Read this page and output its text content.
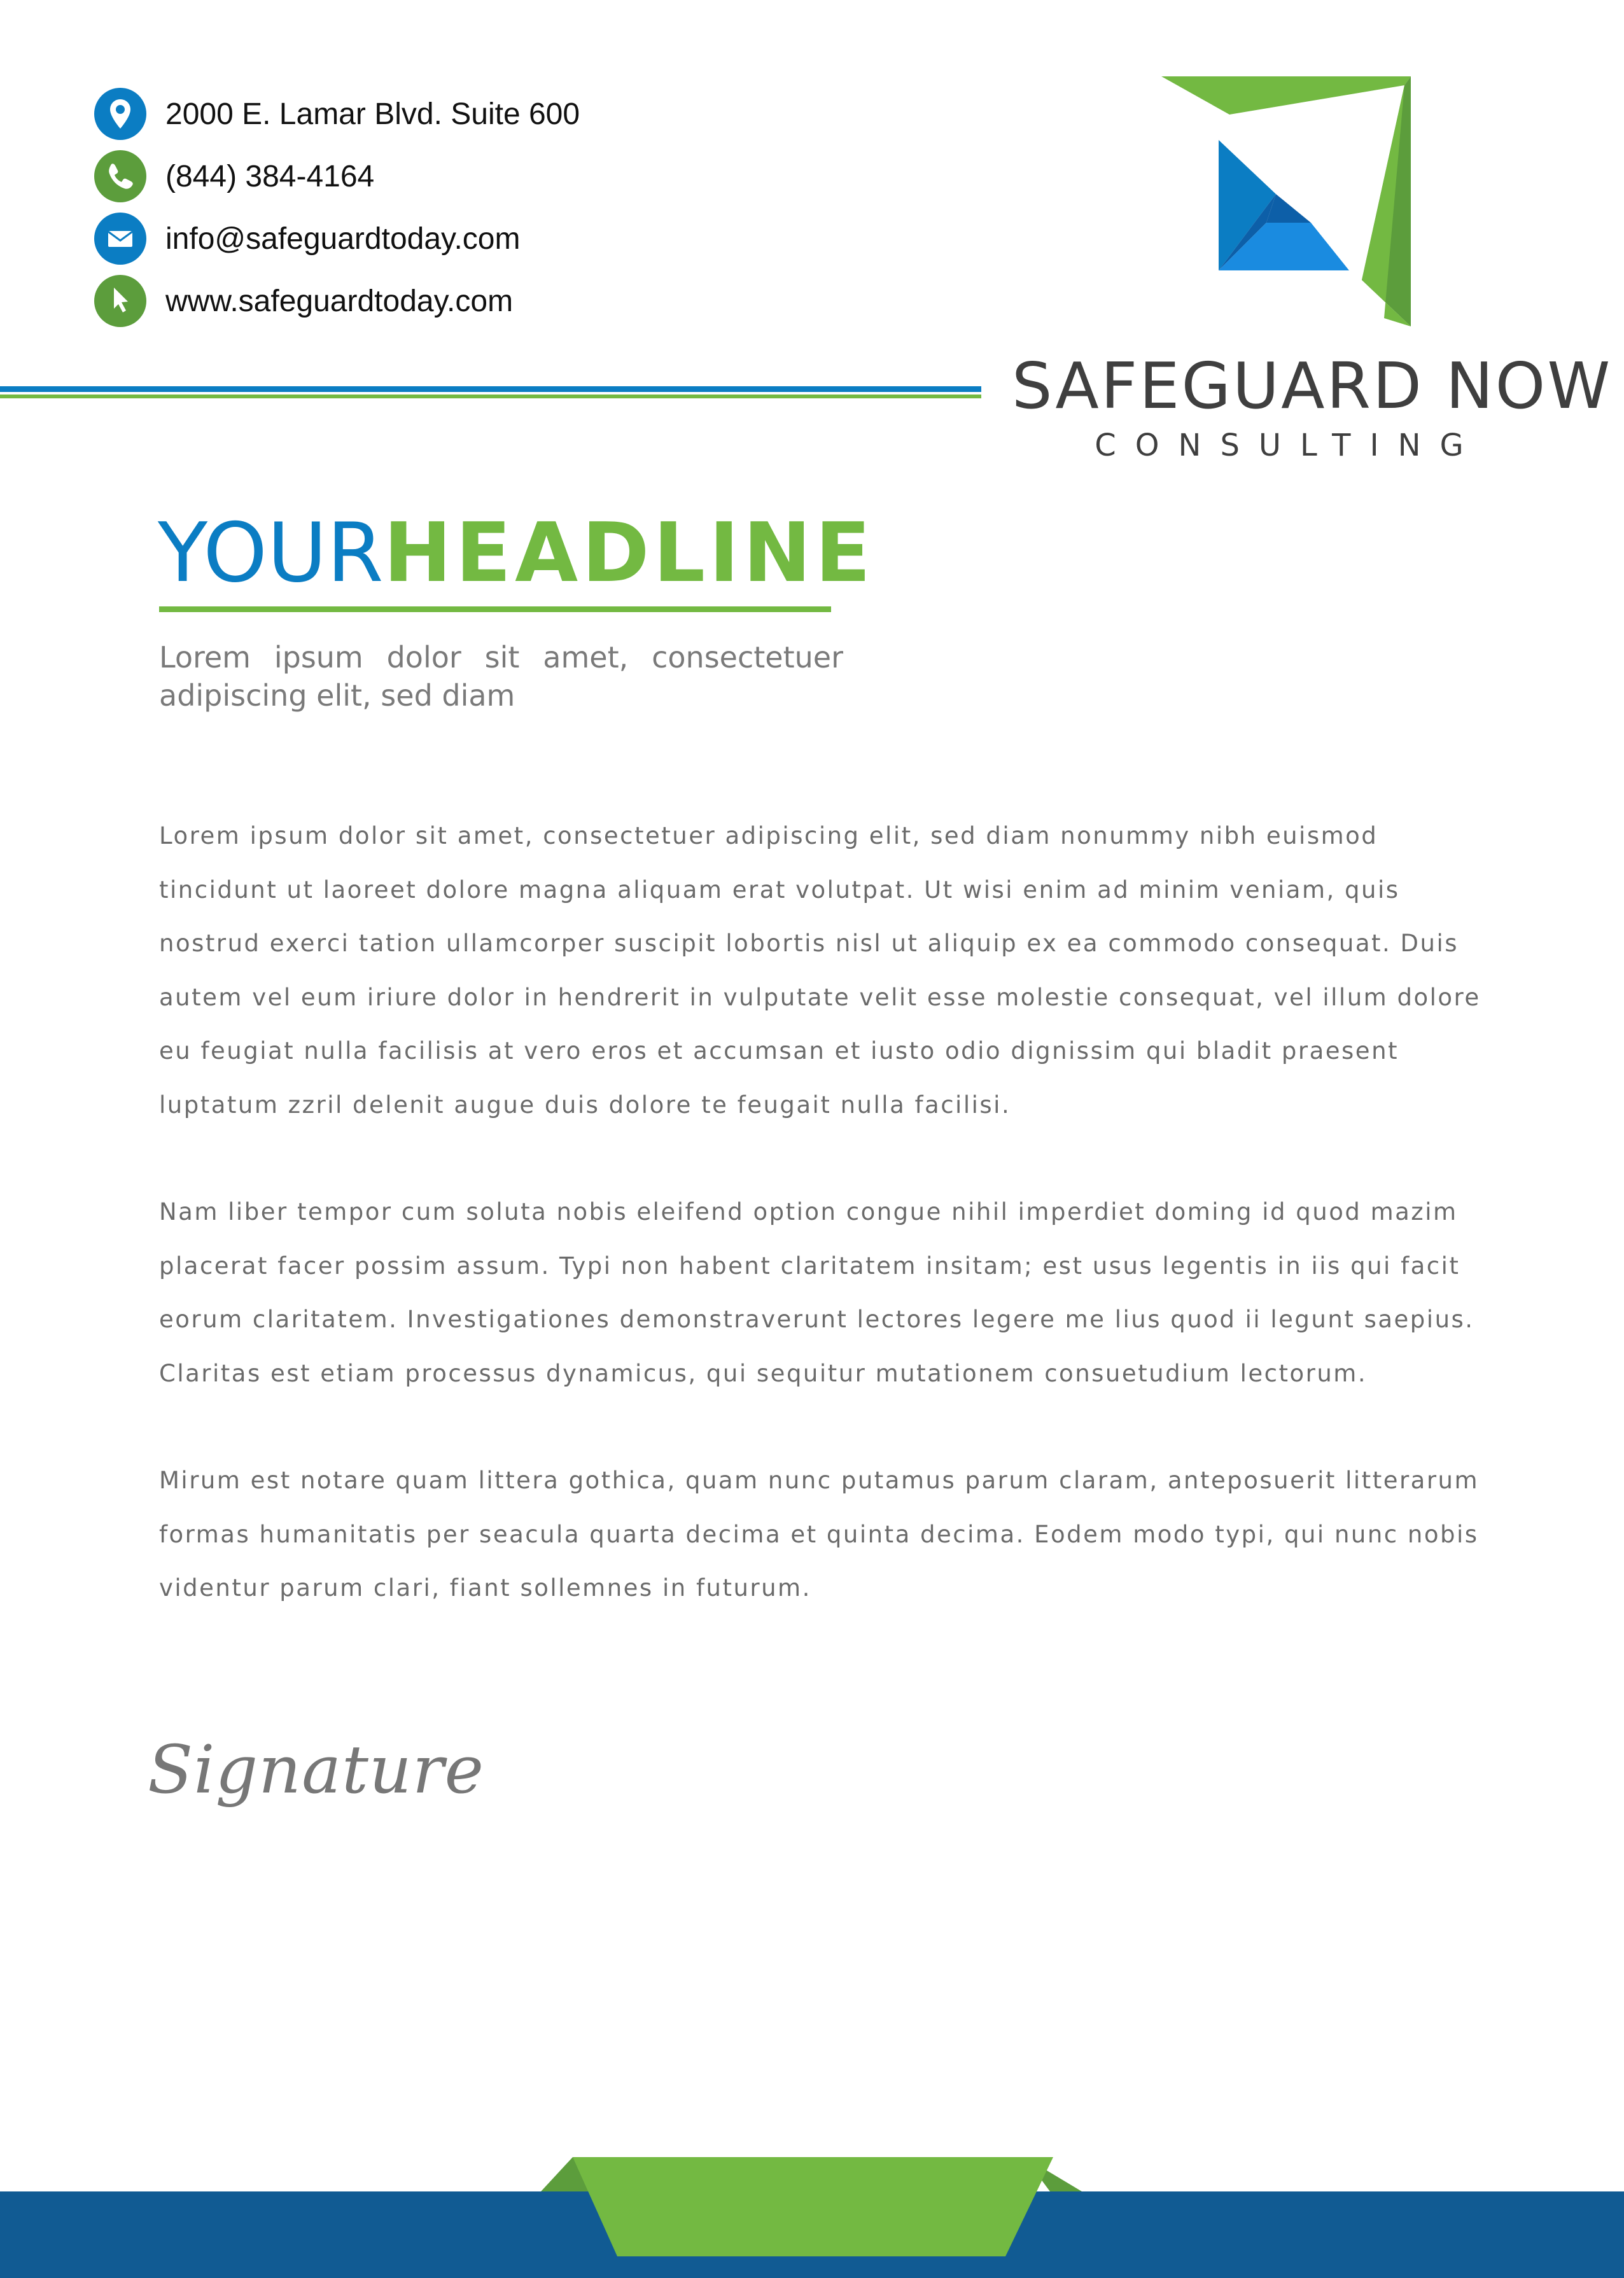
2000 E. Lamar Blvd. Suite 600
(844) 384-4164
info@safeguardtoday.com
www.safeguardtoday.com
SAFEGUARD NOW
CONSULTING
YOURHEADLINE
Lorem ipsum dolor sit amet, consectetuer adipiscing elit, sed diam

Lorem ipsum dolor sit amet, consectetuer adipiscing elit, sed diam nonummy nibh euismod tincidunt ut laoreet dolore magna aliquam erat volutpat. Ut wisi enim ad minim veniam, quis nostrud exerci tation ullamcorper suscipit lobortis nisl ut aliquip ex ea commodo consequat. Duis autem vel eum iriure dolor in hendrerit in vulputate velit esse molestie consequat, vel illum dolore eu feugiat nulla facilisis at vero eros et accumsan et iusto odio dignissim qui bladit praesent luptatum zzril delenit augue duis dolore te feugait nulla facilisi.

Nam liber tempor cum soluta nobis eleifend option congue nihil imperdiet doming id quod mazim placerat facer possim assum. Typi non habent claritatem insitam; est usus legentis in iis qui facit eorum claritatem. Investigationes demonstraverunt lectores legere me lius quod ii legunt saepius. Claritas est etiam processus dynamicus, qui sequitur mutationem consuetudium lectorum.

Mirum est notare quam littera gothica, quam nunc putamus parum claram, anteposuerit litterarum formas humanitatis per seacula quarta decima et quinta decima. Eodem modo typi, qui nunc nobis videntur parum clari, fiant sollemnes in futurum.

Signature
